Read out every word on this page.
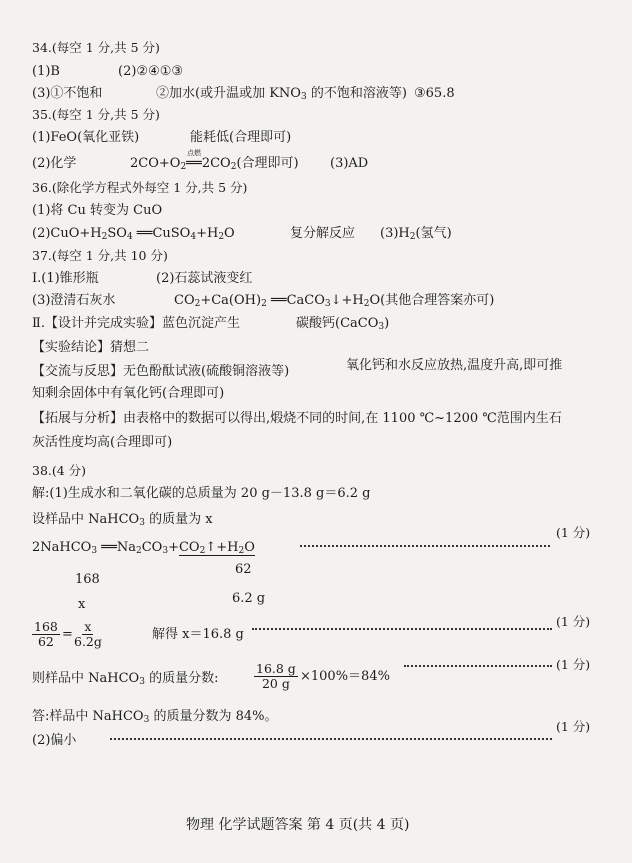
34.(每空 1 分,共 5 分)
(1)B	(2)②④①③
(3)①不饱和	②加水(或升温或加 $KNO_3$ 的不饱和溶液等) ③65.8
35.(每空 1 分,共 5 分)
(1)FeO(氧化亚铁)	能耗低(合理即可)
(2)化学	$2CO+O_2$
点燃
$══2CO_2$(合理即可) (3)AD
36.(除化学方程式外每空 1 分,共 5 分)
(1)将 Cu 转变为 CuO
$(2)CuO+H_2SO_4$ $══CuSO_4+H_2O$	复分解反应 $(3)H_2$(氢气)
37.(每空 1 分,共 10 分)
Ⅰ.(1)锥形瓶	(2)石蕊试液变红
(3)澄清石灰水	$CO_2+Ca(OH)_2$ $══CaCO_3↓+H_2O$(其他合理答案亦可)
Ⅱ.【设计并完成实验】蓝色沉淀产生	碳酸钙(CaCO$_3$)
【实验结论】猜想二
【交流与反思】无色酚酞试液(硫酸铜溶液等)	氧化钙和水反应放热,温度升高,即可推
知剩余固体中有氧化钙(合理即可)
【拓展与分析】由表格中的数据可以得出,煅烧不同的时间,在 1100 ℃~1200 ℃范围内生石
灰活性度均高(合理即可)
38.(4 分)
解:(1)生成水和二氧化碳的总质量为 20 g－13.8 g＝6.2 g
设样品中 NaHCO$_3$ 的质量为 x
(1 分)
2NaHCO$_3$ $══Na_2CO_3+CO_2↑+H_2O$
168
62
x	6.2 g
$\frac{168}{62} = \frac{x}{6.2g}$	解得 x＝16.8 g
(1 分)
则样品中 NaHCO$_3$ 的质量分数:	$\frac{16.8 g}{20 g} \times 100\%=84\%$
(1 分)
答:样品中 NaHCO$_3$ 的质量分数为 84%。
(2)偏小
(1 分)
物理 化学试题答案 第 4 页(共 4 页)
